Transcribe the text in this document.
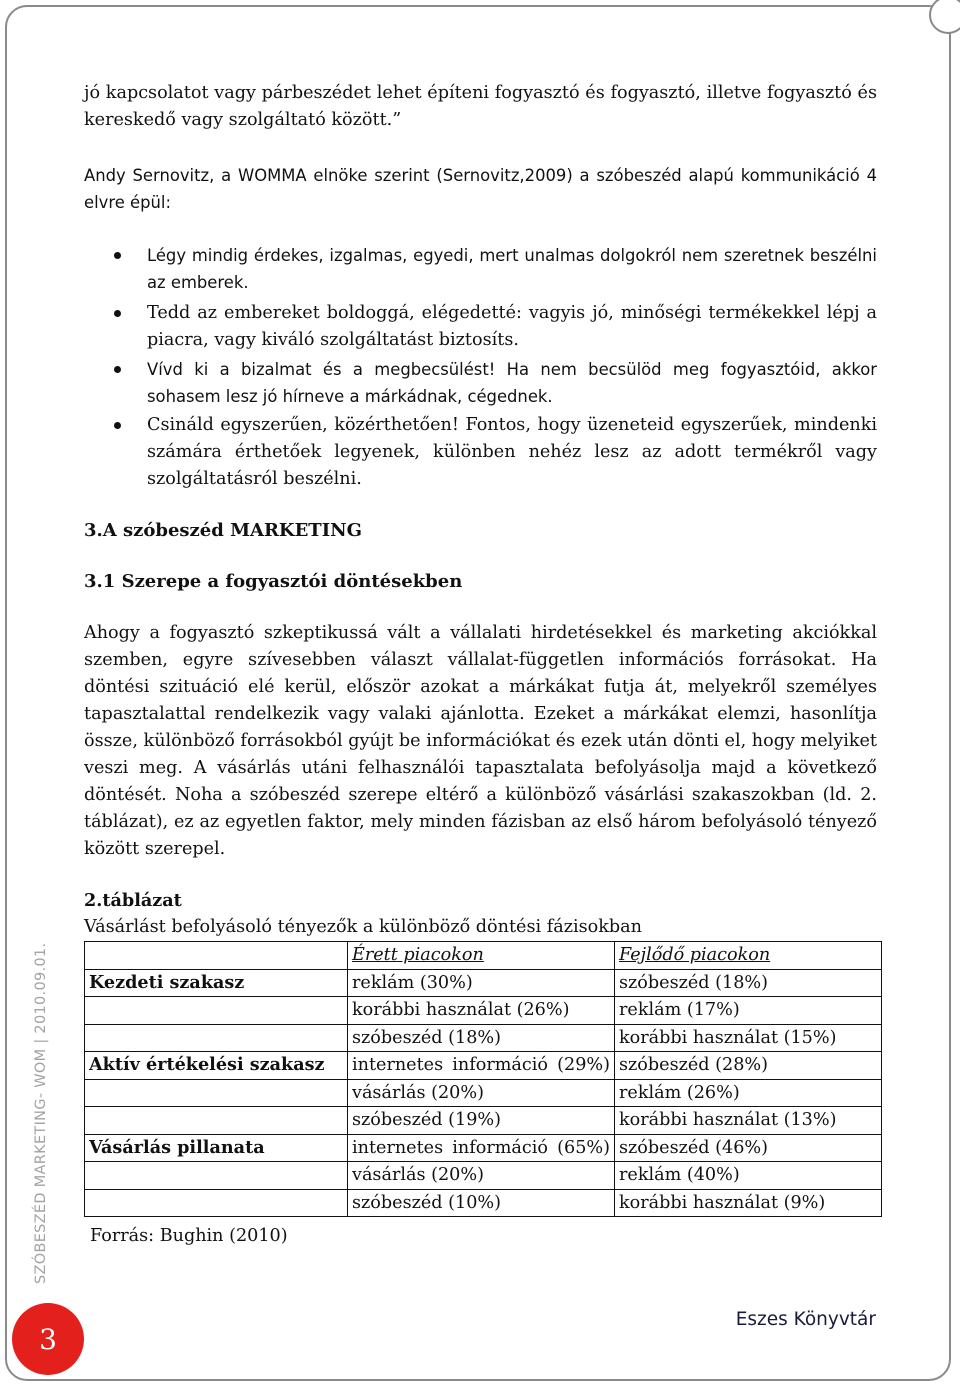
jó kapcsolatot vagy párbeszédet lehet építeni fogyasztó és fogyasztó, illetve fogyasztó és kereskedő vagy szolgáltató között.”

Andy Sernovitz, a WOMMA elnöke szerint (Sernovitz,2009) a szóbeszéd alapú kommunikáció 4 elvre épül:

Légy mindig érdekes, izgalmas, egyedi, mert unalmas dolgokról nem szeretnek beszélni az emberek.
Tedd az embereket boldoggá, elégedetté: vagyis jó, minőségi termékekkel lépj a piacra, vagy kiváló szolgáltatást biztosíts.
Vívd ki a bizalmat és a megbecsülést! Ha nem becsülöd meg fogyasztóid, akkor sohasem lesz jó hírneve a márkádnak, cégednek.
Csináld egyszerűen, közérthetően! Fontos, hogy üzeneteid egyszerűek, mindenki számára érthetőek legyenek, különben nehéz lesz az adott termékről vagy szolgáltatásról beszélni.
3.A szóbeszéd MARKETING
3.1 Szerepe a fogyasztói döntésekben

Ahogy a fogyasztó szkeptikussá vált a vállalati hirdetésekkel és marketing akciókkal szemben, egyre szívesebben választ vállalat-független információs forrásokat. Ha döntési szituáció elé kerül, először azokat a márkákat futja át, melyekről személyes tapasztalattal rendelkezik vagy valaki ajánlotta. Ezeket a márkákat elemzi, hasonlítja össze, különböző forrásokból gyújt be információkat és ezek után dönti el, hogy melyiket veszi meg. A vásárlás utáni felhasználói tapasztalata befolyásolja majd a következő döntését. Noha a szóbeszéd szerepe eltérő a különböző vásárlási szakaszokban (ld. 2. táblázat), ez az egyetlen faktor, mely minden fázisban az első három befolyásoló tényező között szerepel.

2.táblázat
Vásárlást befolyásoló tényezők a különböző döntési fázisokban
	Érett piacokon	Fejlődő piacokon
Kezdeti szakasz	reklám (30%)	szóbeszéd (18%)
	korábbi használat (26%)	reklám (17%)
	szóbeszéd (18%)	korábbi használat (15%)
Aktív értékelési szakasz	internetes információ (29%)	szóbeszéd (28%)
	vásárlás (20%)	reklám (26%)
	szóbeszéd (19%)	korábbi használat (13%)
Vásárlás pillanata	internetes információ (65%)	szóbeszéd (46%)
	vásárlás (20%)	reklám (40%)
	szóbeszéd (10%)	korábbi használat (9%)
Forrás: Bughin (2010)
SZÓBESZÉD MARKETING- WOM | 2010.09.01.
3
Eszes Könyvtár
